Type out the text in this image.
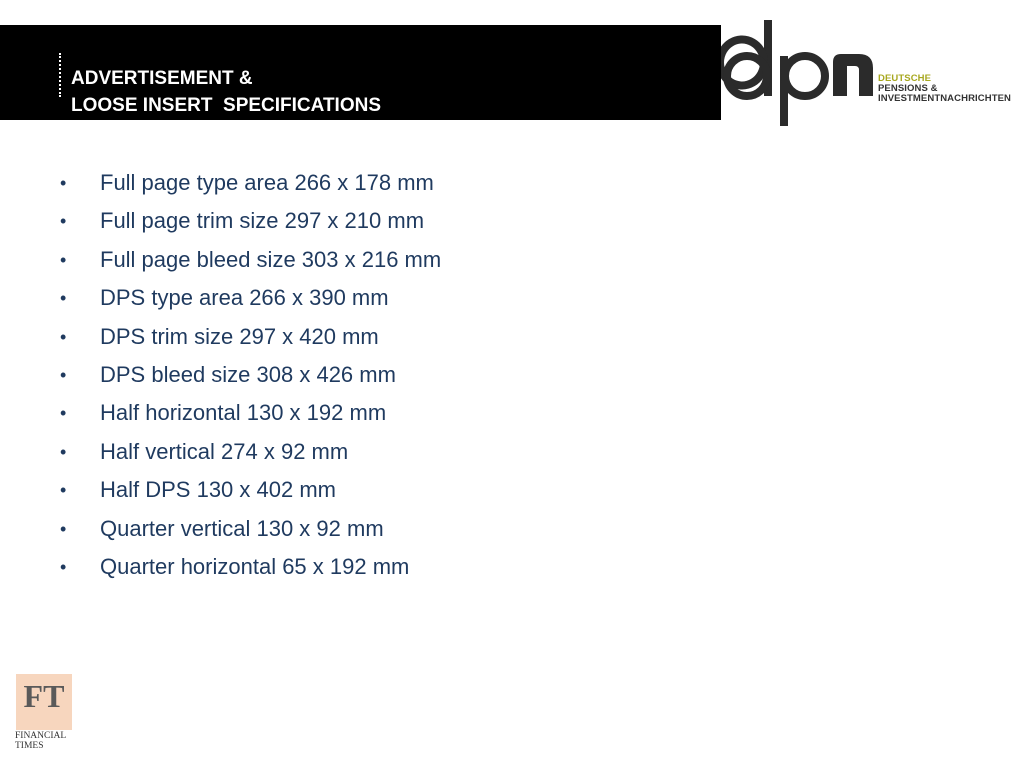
ADVERTISEMENT &
LOOSE INSERT  SPECIFICATIONS
DEUTSCHE
PENSIONS &
INVESTMENTNACHRICHTEN
•	Full page type area 266 x 178 mm
•	Full page trim size 297 x 210 mm
•	Full page bleed size 303 x 216 mm
•	DPS type area 266 x 390 mm
•	DPS trim size 297 x 420 mm
•	DPS bleed size 308 x 426 mm
•	Half horizontal 130 x 192 mm
•	Half vertical 274 x 92 mm
•	Half DPS 130 x 402 mm
•	Quarter vertical 130 x 92 mm
•	Quarter horizontal 65 x 192 mm
FT
FINANCIAL
TIMES
